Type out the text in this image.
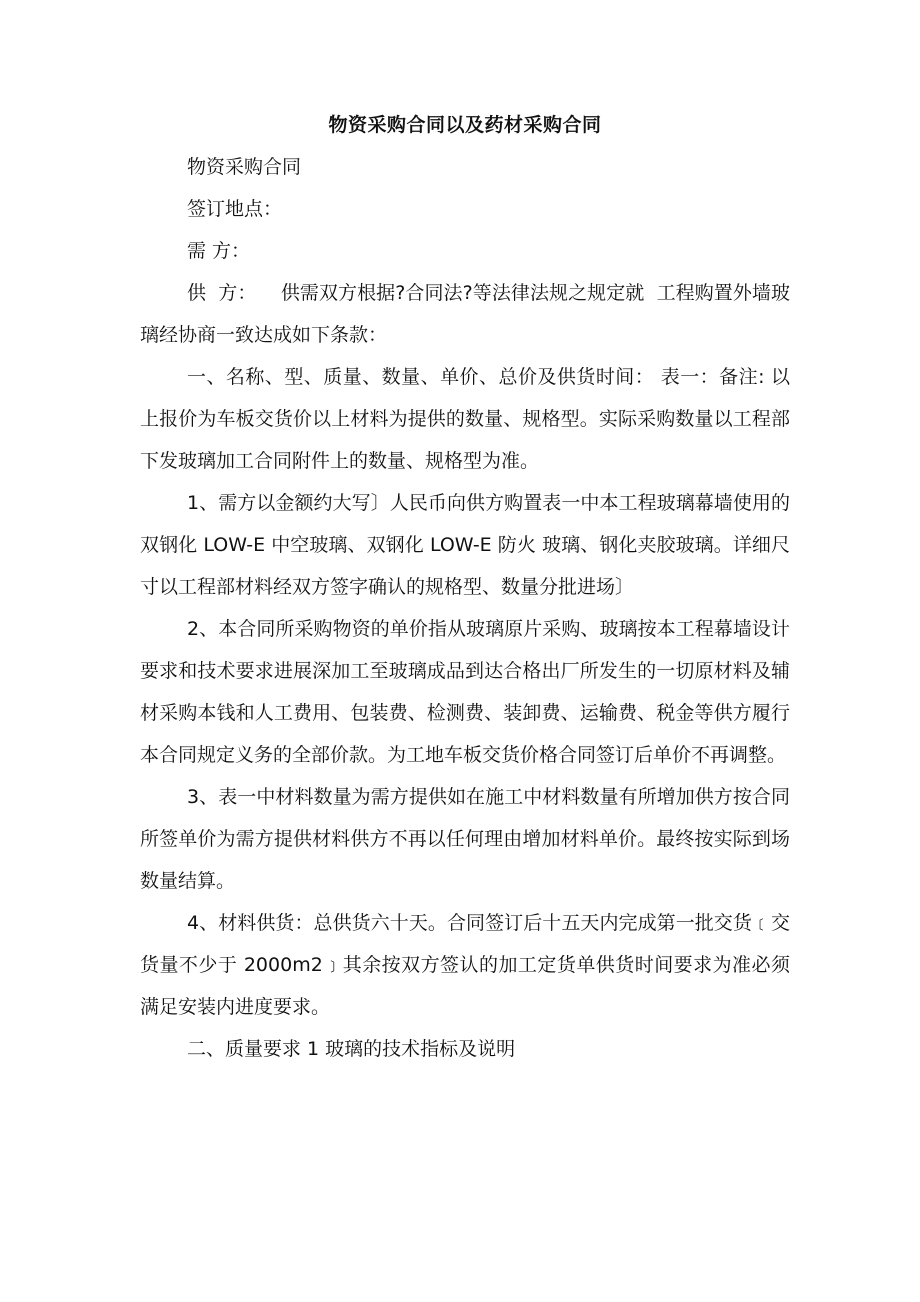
物资采购合同以及药材采购合同

物资采购合同

签订地点：

需 方：

供  方：    供需双方根据?合同法?等法律法规之规定就  工程购置外墙玻璃经协商一致达成如下条款：

一、名称、型、质量、数量、单价、总价及供货时间： 表一：备注: 以上报价为车板交货价以上材料为提供的数量、规格型。实际采购数量以工程部下发玻璃加工合同附件上的数量、规格型为准。

1、需方以金额约大写〕人民币向供方购置表一中本工程玻璃幕墙使用的双钢化 LOW-E 中空玻璃、双钢化 LOW-E 防火 玻璃、钢化夹胶玻璃。详细尺寸以工程部材料经双方签字确认的规格型、数量分批进场〕

2、本合同所采购物资的单价指从玻璃原片采购、玻璃按本工程幕墙设计要求和技术要求进展深加工至玻璃成品到达合格出厂所发生的一切原材料及辅材采购本钱和人工费用、包装费、检测费、装卸费、运输费、税金等供方履行本合同规定义务的全部价款。为工地车板交货价格合同签订后单价不再调整。

3、表一中材料数量为需方提供如在施工中材料数量有所增加供方按合同所签单价为需方提供材料供方不再以任何理由增加材料单价。最终按实际到场数量结算。

4、材料供货：总供货六十天。合同签订后十五天内完成第一批交货﹝交货量不少于 2000m2﹞其余按双方签认的加工定货单供货时间要求为准必须满足安装内进度要求。

二、质量要求 1 玻璃的技术指标及说明
